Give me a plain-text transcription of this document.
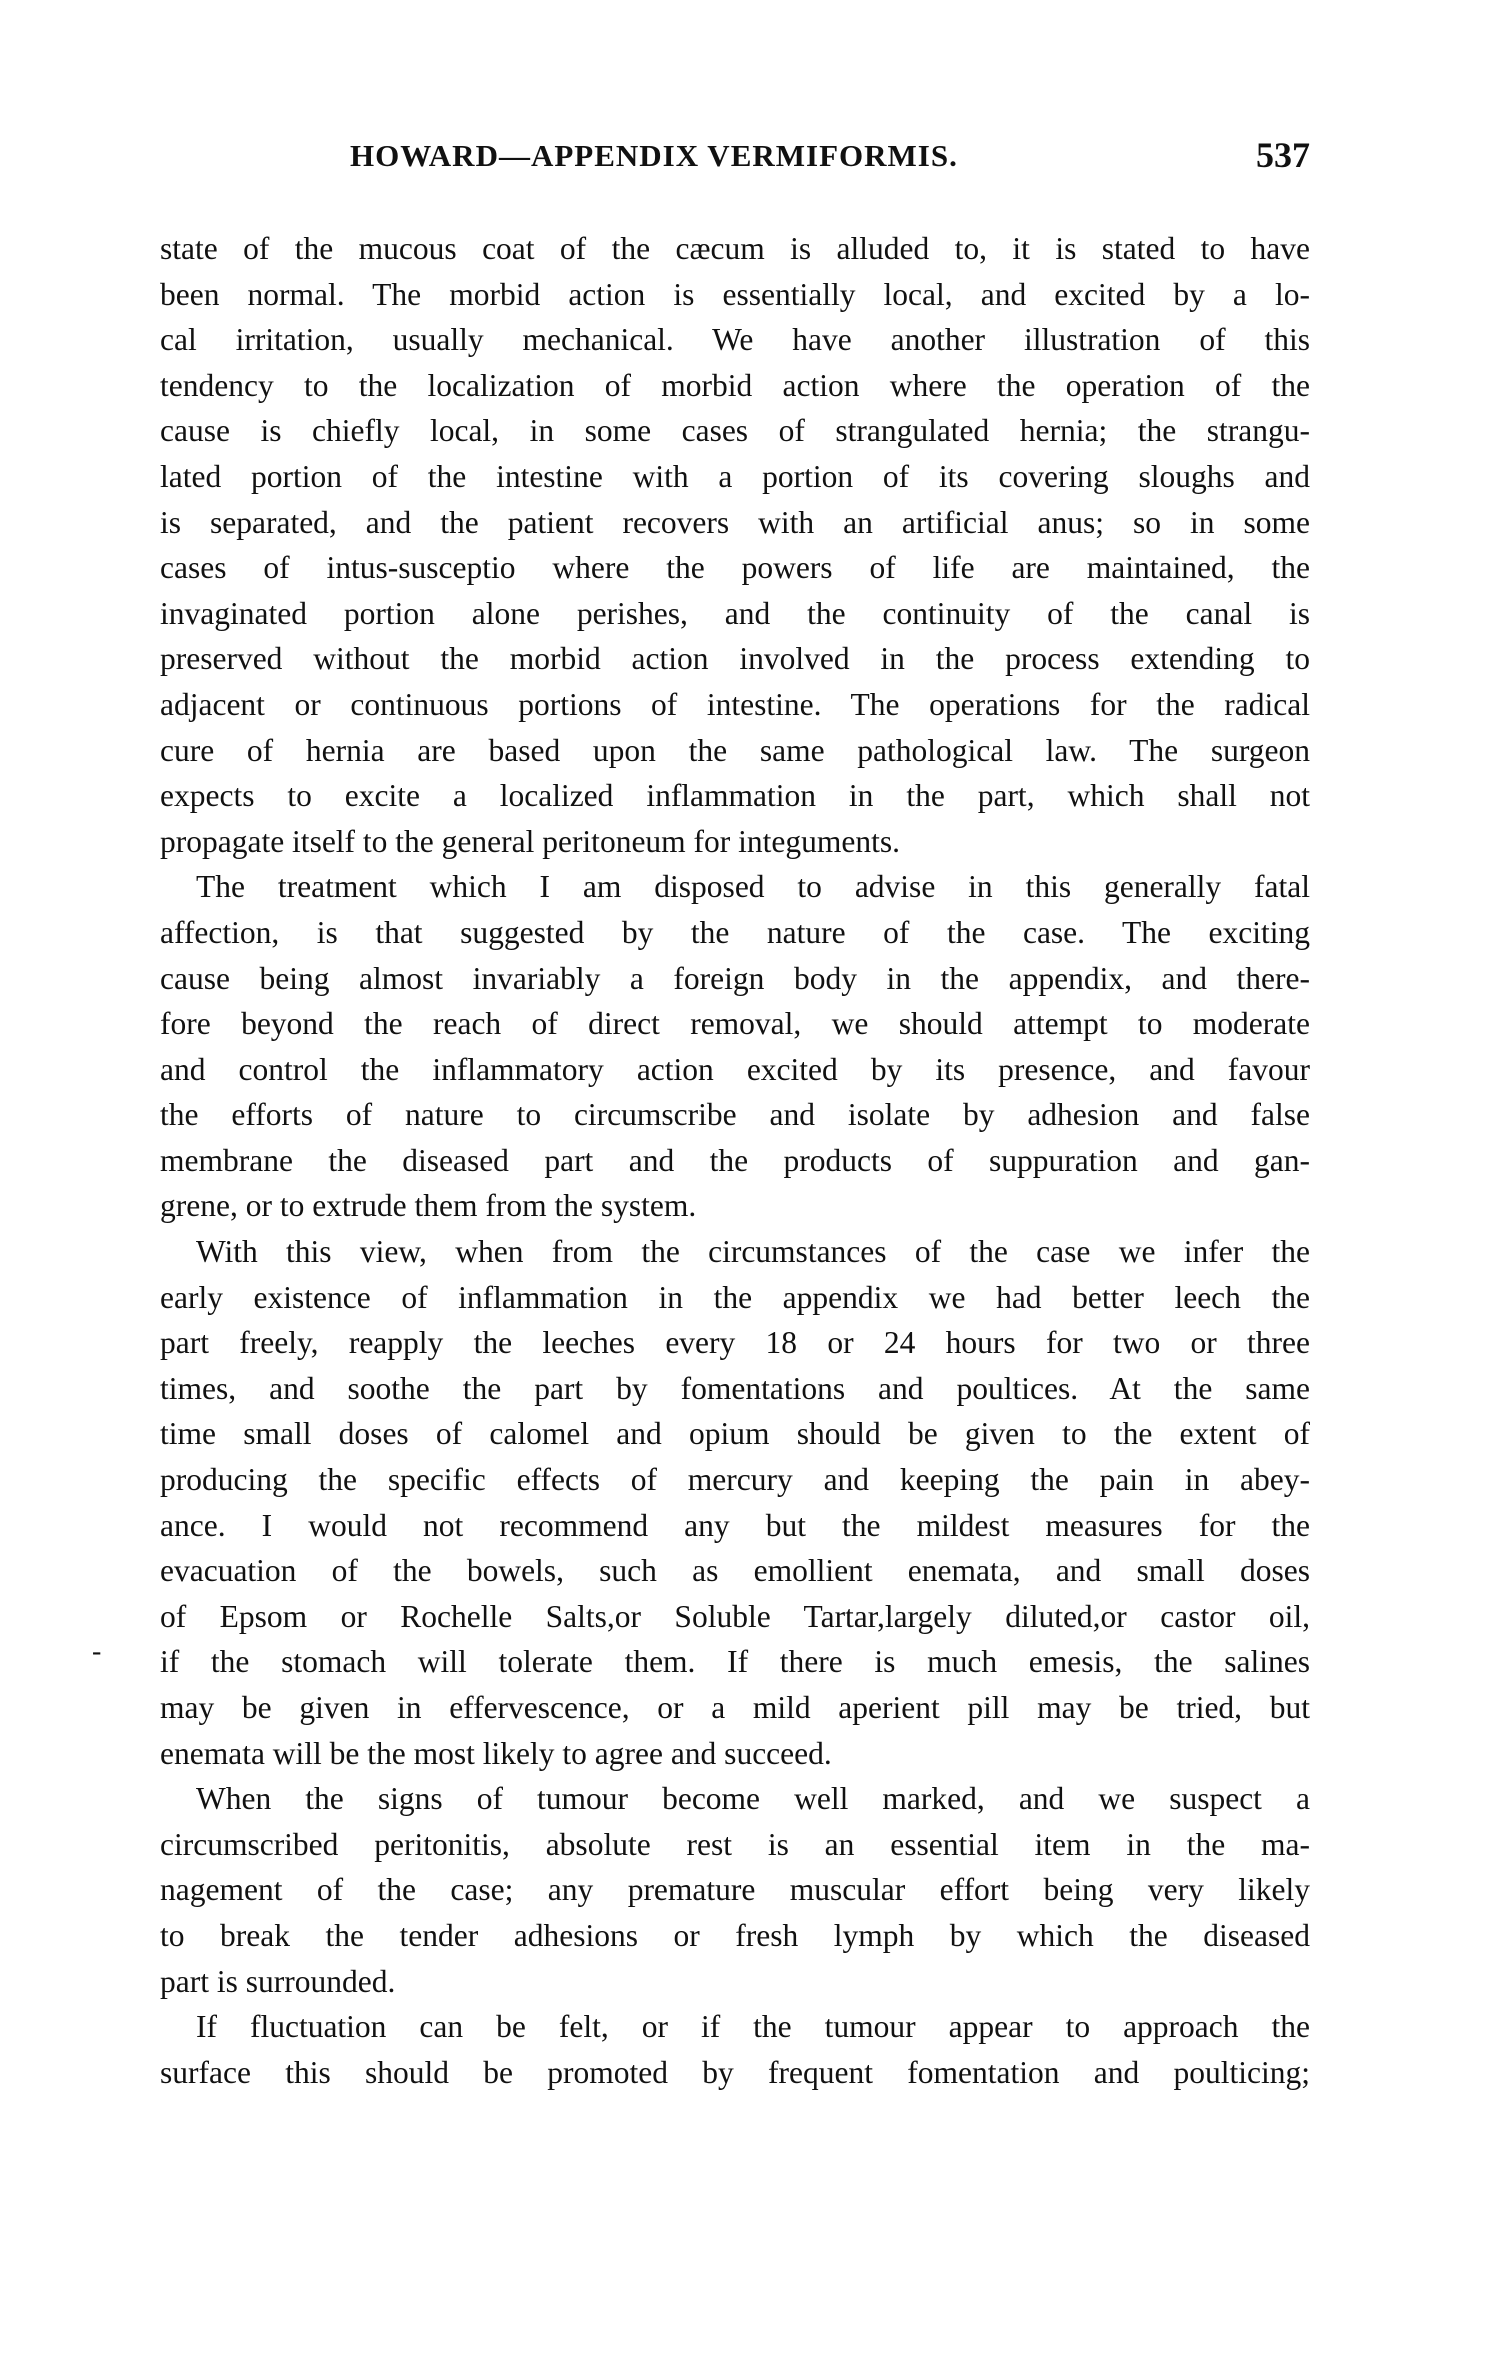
HOWARD—APPENDIX VERMIFORMIS.	537

state of the mucous coat of the cæcum is alluded to, it is stated to have
been normal. The morbid action is essentially local, and excited by a lo-
cal irritation, usually mechanical. We have another illustration of this
tendency to the localization of morbid action where the operation of the
cause is chiefly local, in some cases of strangulated hernia; the strangu-
lated portion of the intestine with a portion of its covering sloughs and
is separated, and the patient recovers with an artificial anus; so in some
cases of intus-susceptio where the powers of life are maintained, the
invaginated portion alone perishes, and the continuity of the canal is
preserved without the morbid action involved in the process extending to
adjacent or continuous portions of intestine. The operations for the radical
cure of hernia are based upon the same pathological law. The surgeon
expects to excite a localized inflammation in the part, which shall not
propagate itself to the general peritoneum for integuments.

The treatment which I am disposed to advise in this generally fatal
affection, is that suggested by the nature of the case. The exciting
cause being almost invariably a foreign body in the appendix, and there-
fore beyond the reach of direct removal, we should attempt to moderate
and control the inflammatory action excited by its presence, and favour
the efforts of nature to circumscribe and isolate by adhesion and false
membrane the diseased part and the products of suppuration and gan-
grene, or to extrude them from the system.

With this view, when from the circumstances of the case we infer the
early existence of inflammation in the appendix we had better leech the
part freely, reapply the leeches every 18 or 24 hours for two or three
times, and soothe the part by fomentations and poultices. At the same
time small doses of calomel and opium should be given to the extent of
producing the specific effects of mercury and keeping the pain in abey-
ance. I would not recommend any but the mildest measures for the
evacuation of the bowels, such as emollient enemata, and small doses
of Epsom or Rochelle Salts,or Soluble Tartar,largely diluted,or castor oil,
if the stomach will tolerate them. If there is much emesis, the salines
may be given in effervescence, or a mild aperient pill may be tried, but
enemata will be the most likely to agree and succeed.

When the signs of tumour become well marked, and we suspect a
circumscribed peritonitis, absolute rest is an essential item in the ma-
nagement of the case; any premature muscular effort being very likely
to break the tender adhesions or fresh lymph by which the diseased
part is surrounded.

If fluctuation can be felt, or if the tumour appear to approach the
surface this should be promoted by frequent fomentation and poulticing;

-
